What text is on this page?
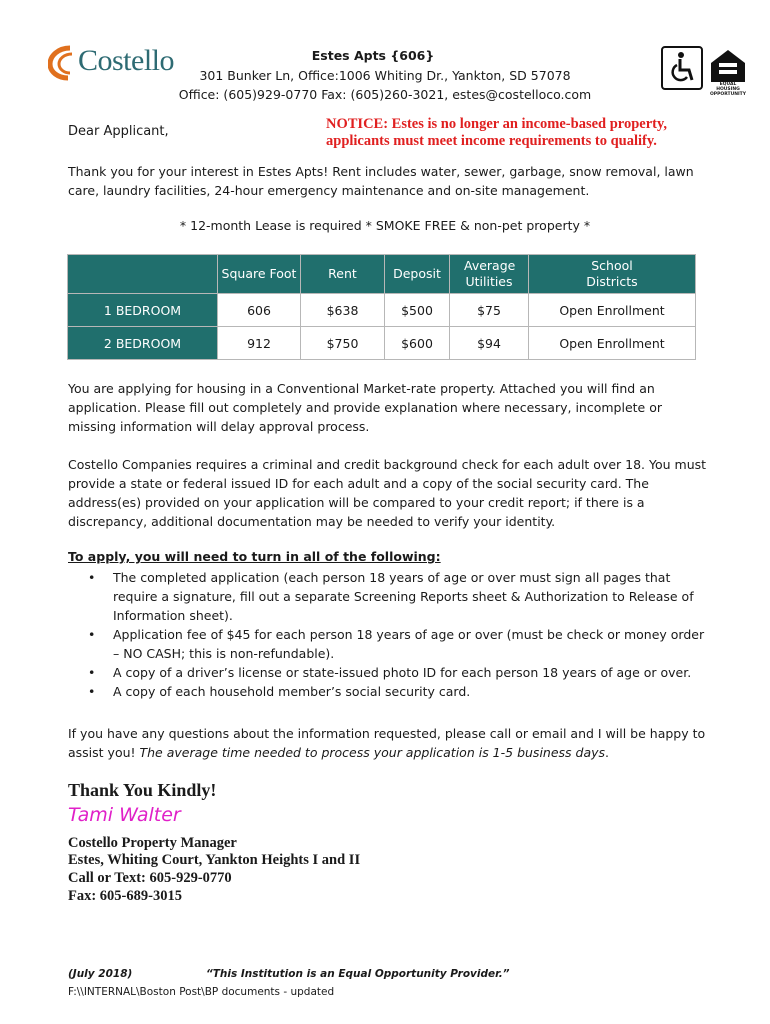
Costello	Estes Apts {606}
301 Bunker Ln, Office:1006 Whiting Dr., Yankton, SD 57078
Office: (605)929-0770 Fax: (605)260-3021, estes@costelloco.com
EQUAL HOUSING OPPORTUNITY
Dear Applicant,	NOTICE: Estes is no longer an income-based property,
applicants must meet income requirements to qualify.
Thank you for your interest in Estes Apts! Rent includes water, sewer, garbage, snow removal, lawn care, laundry facilities, 24-hour emergency maintenance and on-site management.
* 12-month Lease is required * SMOKE FREE & non-pet property *
	Square Foot	Rent	Deposit	Average Utilities	School Districts
1 BEDROOM	606	$638	$500	$75	Open Enrollment
2 BEDROOM	912	$750	$600	$94	Open Enrollment
You are applying for housing in a Conventional Market-rate property. Attached you will find an application. Please fill out completely and provide explanation where necessary, incomplete or missing information will delay approval process.
Costello Companies requires a criminal and credit background check for each adult over 18. You must provide a state or federal issued ID for each adult and a copy of the social security card. The address(es) provided on your application will be compared to your credit report; if there is a discrepancy, additional documentation may be needed to verify your identity.
To apply, you will need to turn in all of the following:
• The completed application (each person 18 years of age or over must sign all pages that require a signature, fill out a separate Screening Reports sheet & Authorization to Release of Information sheet).
• Application fee of $45 for each person 18 years of age or over (must be check or money order – NO CASH; this is non-refundable).
• A copy of a driver’s license or state-issued photo ID for each person 18 years of age or over.
• A copy of each household member’s social security card.
If you have any questions about the information requested, please call or email and I will be happy to assist you! The average time needed to process your application is 1-5 business days.
Thank You Kindly!
Tami Walter
Costello Property Manager
Estes, Whiting Court, Yankton Heights I and II
Call or Text: 605-929-0770
Fax: 605-689-3015
(July 2018)	“This Institution is an Equal Opportunity Provider.”
F:\\INTERNAL\Boston Post\BP documents - updated
